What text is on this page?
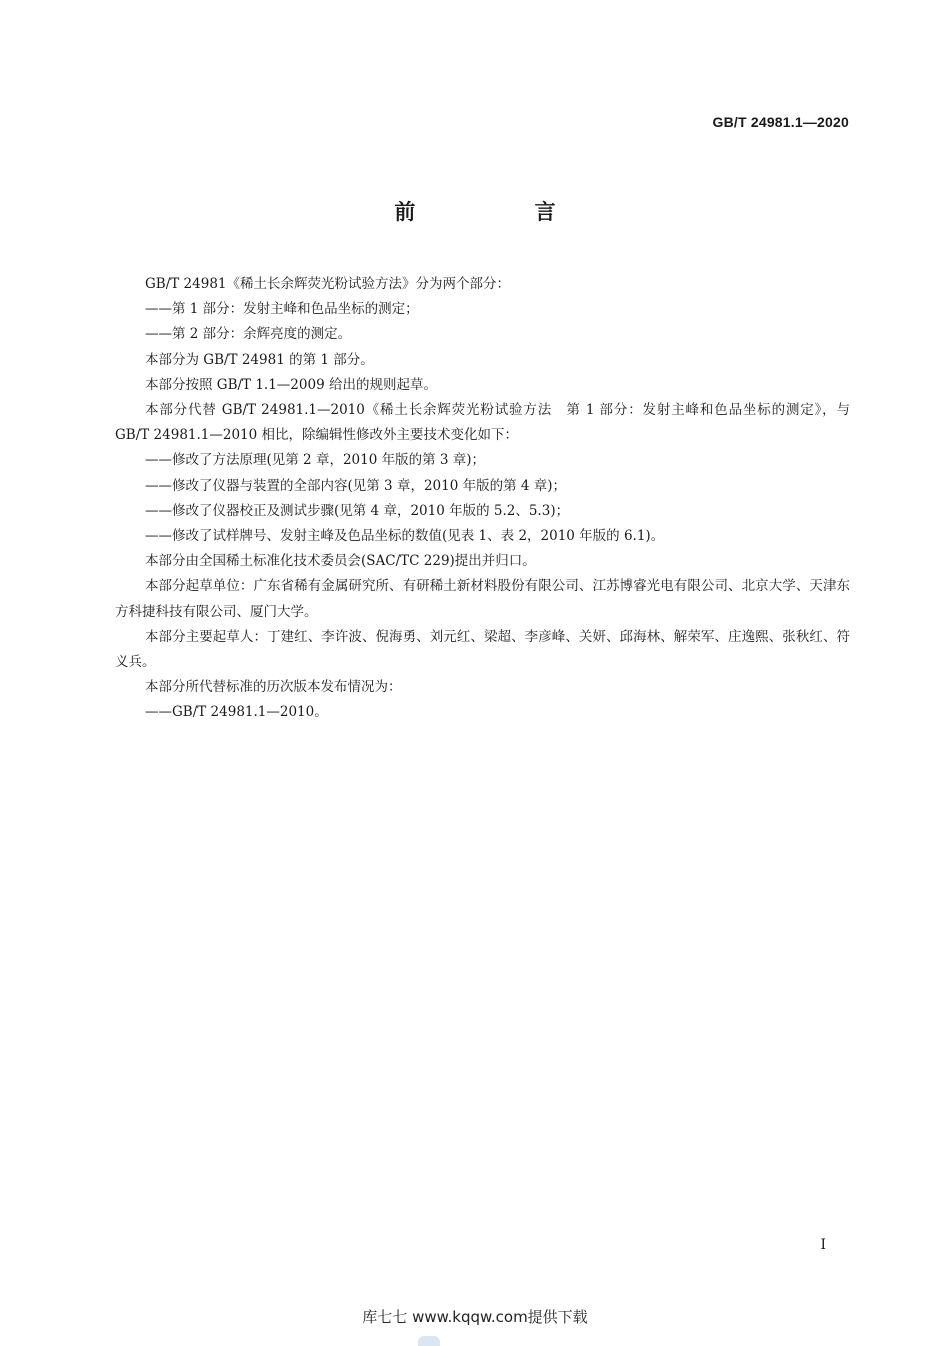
GB/T 24981.1—2020
前 言

GB/T 24981《稀土长余辉荧光粉试验方法》分为两个部分：

——第 1 部分：发射主峰和色品坐标的测定；

——第 2 部分：余辉亮度的测定。

本部分为 GB/T 24981 的第 1 部分。

本部分按照 GB/T 1.1—2009 给出的规则起草。

本部分代替 GB/T 24981.1—2010《稀土长余辉荧光粉试验方法　第 1 部分：发射主峰和色品坐标的测定》，与 GB/T 24981.1—2010 相比，除编辑性修改外主要技术变化如下：

——修改了方法原理(见第 2 章，2010 年版的第 3 章)；

——修改了仪器与装置的全部内容(见第 3 章，2010 年版的第 4 章)；

——修改了仪器校正及测试步骤(见第 4 章，2010 年版的 5.2、5.3)；

——修改了试样牌号、发射主峰及色品坐标的数值(见表 1、表 2，2010 年版的 6.1)。

本部分由全国稀土标准化技术委员会(SAC/TC 229)提出并归口。

本部分起草单位：广东省稀有金属研究所、有研稀土新材料股份有限公司、江苏博睿光电有限公司、北京大学、天津东方科捷科技有限公司、厦门大学。

本部分主要起草人：丁建红、李许波、倪海勇、刘元红、梁超、李彦峰、关妍、邱海林、解荣军、庄逸熙、张秋红、符义兵。

本部分所代替标准的历次版本发布情况为：

——GB/T 24981.1—2010。

I
库七七 www.kqqw.com提供下载
